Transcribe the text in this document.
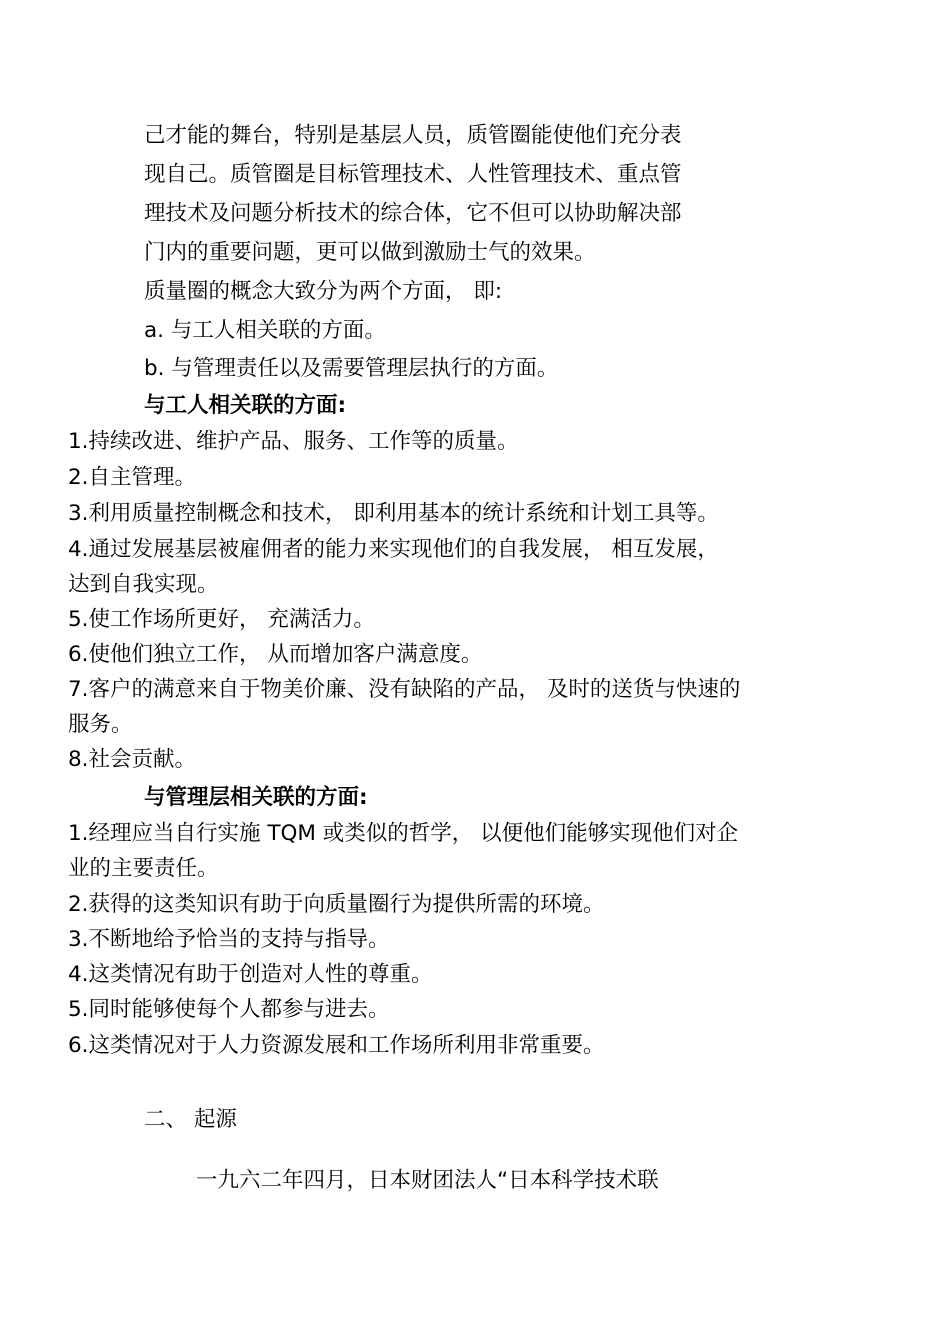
己才能的舞台，特别是基层人员，质管圈能使他们充分表
现自己。质管圈是目标管理技术、人性管理技术、重点管
理技术及问题分析技术的综合体，它不但可以协助解决部
门内的重要问题，更可以做到激励士气的效果。
质量圈的概念大致分为两个方面， 即:
a. 与工人相关联的方面。
b. 与管理责任以及需要管理层执行的方面。
与工人相关联的方面:
1.持续改进、维护产品、服务、工作等的质量。
2.自主管理。
3.利用质量控制概念和技术， 即利用基本的统计系统和计划工具等。
4.通过发展基层被雇佣者的能力来实现他们的自我发展， 相互发展，
达到自我实现。
5.使工作场所更好， 充满活力。
6.使他们独立工作， 从而增加客户满意度。
7.客户的满意来自于物美价廉、没有缺陷的产品， 及时的送货与快速的
服务。
8.社会贡献。
与管理层相关联的方面:
1.经理应当自行实施 TQM 或类似的哲学， 以便他们能够实现他们对企
业的主要责任。
2.获得的这类知识有助于向质量圈行为提供所需的环境。
3.不断地给予恰当的支持与指导。
4.这类情况有助于创造对人性的尊重。
5.同时能够使每个人都参与进去。
6.这类情况对于人力资源发展和工作场所利用非常重要。
二、 起源
一九六二年四月，日本财团法人“日本科学技术联
